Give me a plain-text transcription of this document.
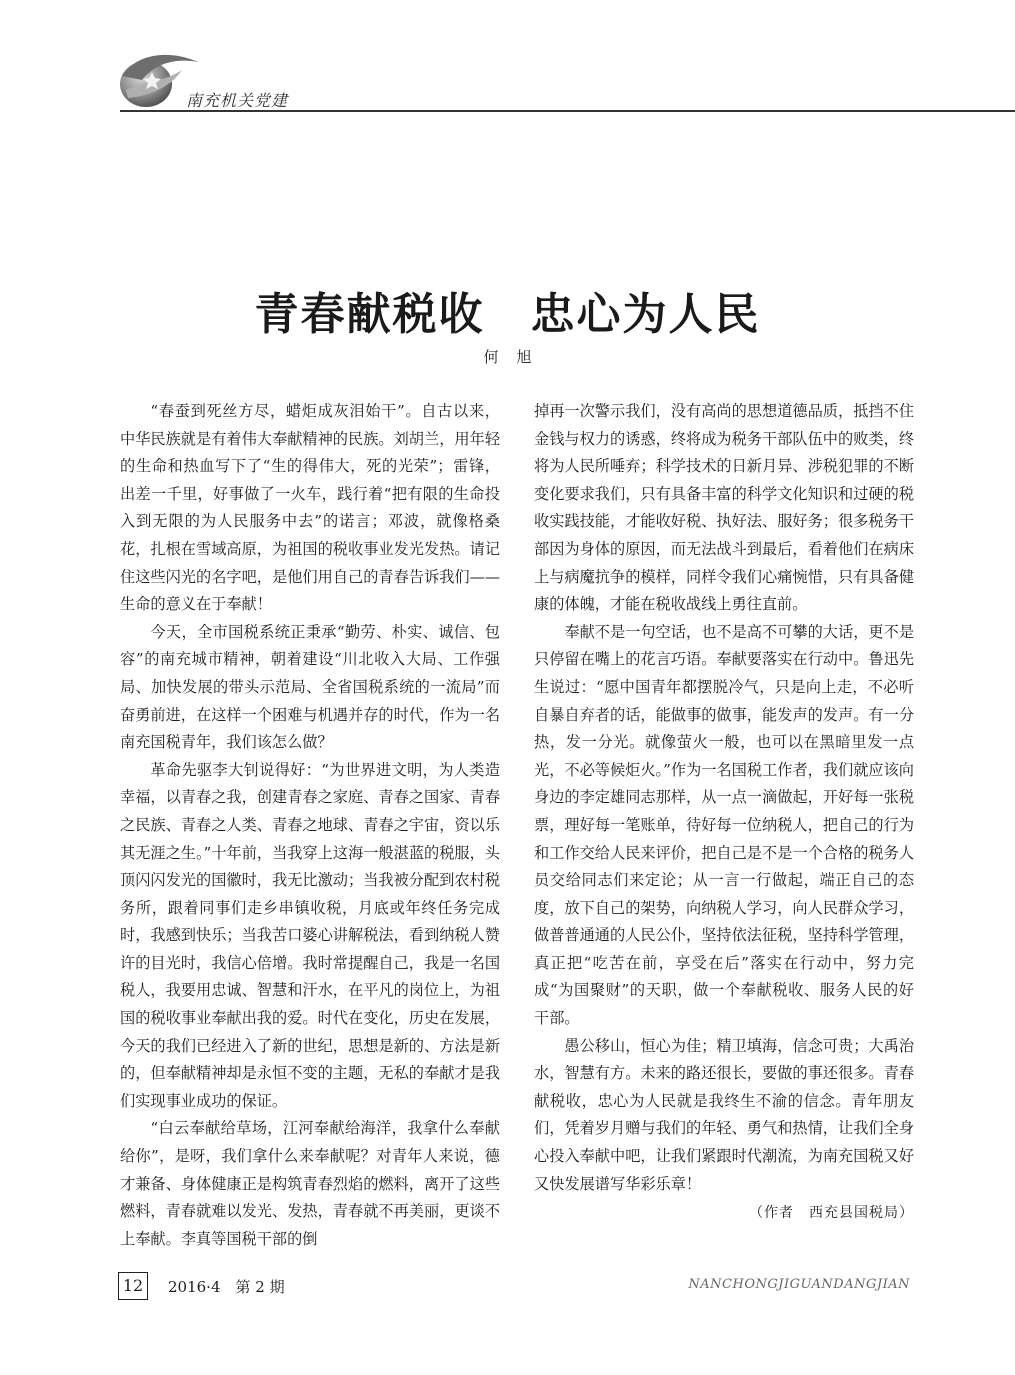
南充机关党建
青春献税收　忠心为人民
何旭

“春蚕到死丝方尽，蜡炬成灰泪始干”。自古以来，中华民族就是有着伟大奉献精神的民族。刘胡兰，用年轻的生命和热血写下了“生的得伟大，死的光荣”；雷锋，出差一千里，好事做了一火车，践行着“把有限的生命投入到无限的为人民服务中去”的诺言；邓波，就像格桑花，扎根在雪域高原，为祖国的税收事业发光发热。请记住这些闪光的名字吧，是他们用自己的青春告诉我们——生命的意义在于奉献！

今天，全市国税系统正秉承“勤劳、朴实、诚信、包容”的南充城市精神，朝着建设“川北收入大局、工作强局、加快发展的带头示范局、全省国税系统的一流局”而奋勇前进，在这样一个困难与机遇并存的时代，作为一名南充国税青年，我们该怎么做？

革命先驱李大钊说得好：“为世界进文明，为人类造幸福，以青春之我，创建青春之家庭、青春之国家、青春之民族、青春之人类、青春之地球、青春之宇宙，资以乐其无涯之生。”十年前，当我穿上这海一般湛蓝的税服，头顶闪闪发光的国徽时，我无比激动；当我被分配到农村税务所，跟着同事们走乡串镇收税，月底或年终任务完成时，我感到快乐；当我苦口婆心讲解税法，看到纳税人赞许的目光时，我信心倍增。我时常提醒自己，我是一名国税人，我要用忠诚、智慧和汗水，在平凡的岗位上，为祖国的税收事业奉献出我的爱。时代在变化，历史在发展，今天的我们已经进入了新的世纪，思想是新的、方法是新的，但奉献精神却是永恒不变的主题，无私的奉献才是我们实现事业成功的保证。

“白云奉献给草场，江河奉献给海洋，我拿什么奉献给你”，是呀，我们拿什么来奉献呢？对青年人来说，德才兼备、身体健康正是构筑青春烈焰的燃料，离开了这些燃料，青春就难以发光、发热，青春就不再美丽，更谈不上奉献。李真等国税干部的倒

掉再一次警示我们，没有高尚的思想道德品质，抵挡不住金钱与权力的诱惑，终将成为税务干部队伍中的败类，终将为人民所唾弃；科学技术的日新月异、涉税犯罪的不断变化要求我们，只有具备丰富的科学文化知识和过硬的税收实践技能，才能收好税、执好法、服好务；很多税务干部因为身体的原因，而无法战斗到最后，看着他们在病床上与病魔抗争的模样，同样令我们心痛惋惜，只有具备健康的体魄，才能在税收战线上勇往直前。

奉献不是一句空话，也不是高不可攀的大话，更不是只停留在嘴上的花言巧语。奉献要落实在行动中。鲁迅先生说过：“愿中国青年都摆脱冷气，只是向上走，不必听自暴自弃者的话，能做事的做事，能发声的发声。有一分热，发一分光。就像萤火一般，也可以在黑暗里发一点光，不必等候炬火。”作为一名国税工作者，我们就应该向身边的李定雄同志那样，从一点一滴做起，开好每一张税票，理好每一笔账单，待好每一位纳税人，把自己的行为和工作交给人民来评价，把自己是不是一个合格的税务人员交给同志们来定论；从一言一行做起，端正自己的态度，放下自己的架势，向纳税人学习，向人民群众学习，做普普通通的人民公仆，坚持依法征税，坚持科学管理，真正把“吃苦在前，享受在后”落实在行动中，努力完成“为国聚财”的天职，做一个奉献税收、服务人民的好干部。

愚公移山，恒心为佳；精卫填海，信念可贵；大禹治水，智慧有方。未来的路还很长，要做的事还很多。青春献税收，忠心为人民就是我终生不渝的信念。青年朋友们，凭着岁月赠与我们的年轻、勇气和热情，让我们全身心投入奉献中吧，让我们紧跟时代潮流，为南充国税又好又快发展谱写华彩乐章！

（作者　西充县国税局）

12	2016·4　第 2 期	NANCHONGJIGUANDANGJIAN
